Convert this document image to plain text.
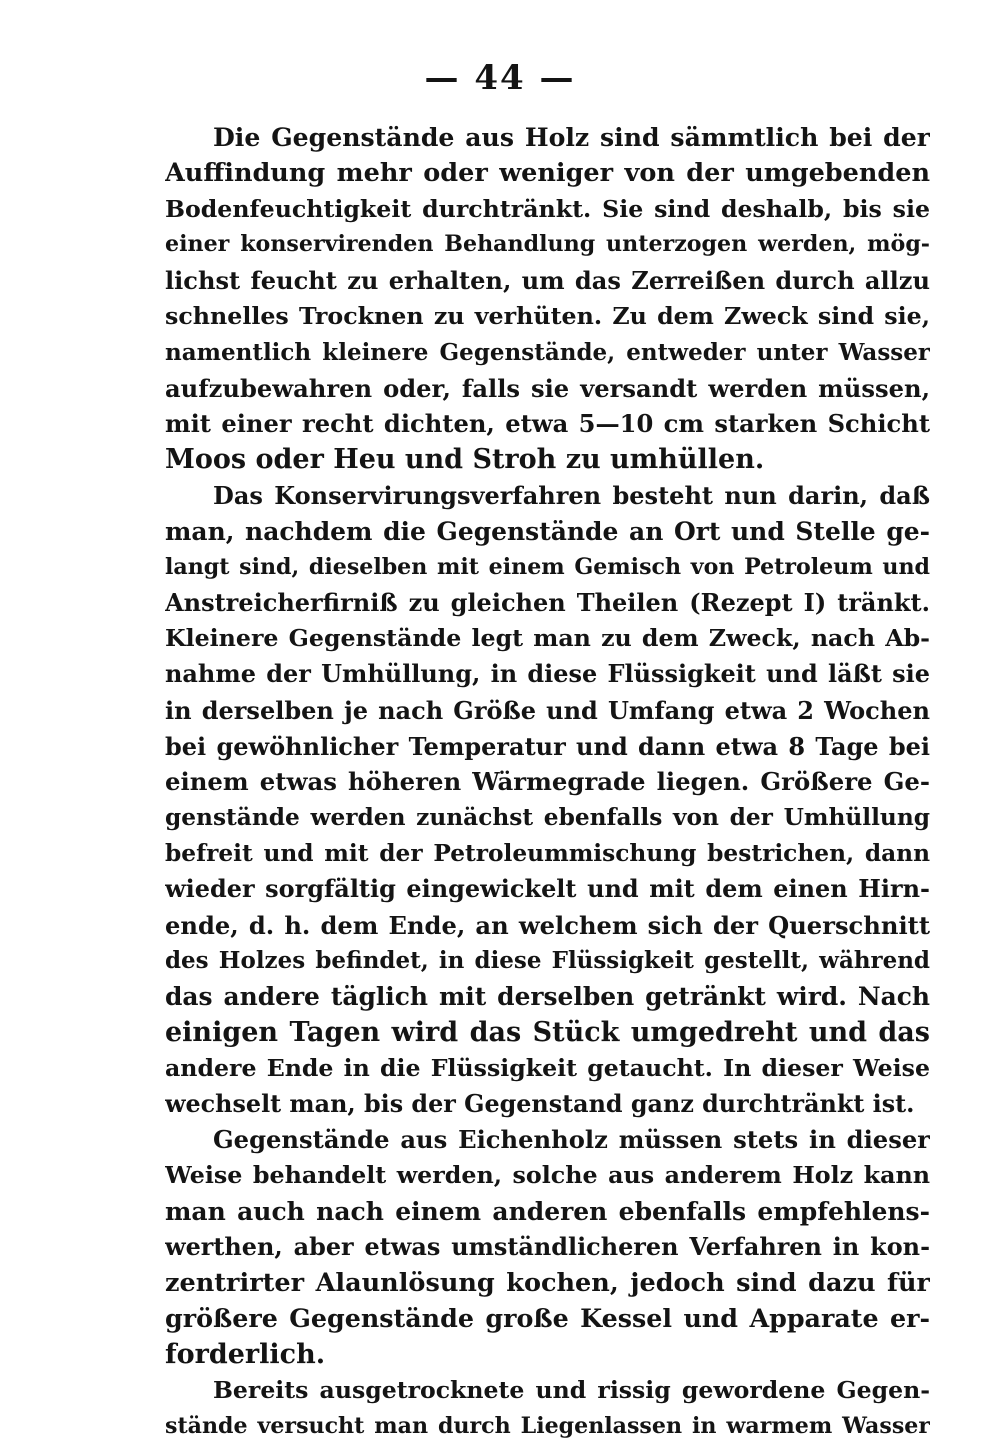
— 44 —
Die Gegenstände aus Holz sind sämmtlich bei der
Auffindung mehr oder weniger von der umgebenden
Bodenfeuchtigkeit durchtränkt. Sie sind deshalb, bis sie
einer konservirenden Behandlung unterzogen werden, mög-
lichst feucht zu erhalten, um das Zerreißen durch allzu
schnelles Trocknen zu verhüten. Zu dem Zweck sind sie,
namentlich kleinere Gegenstände, entweder unter Wasser
aufzubewahren oder, falls sie versandt werden müssen,
mit einer recht dichten, etwa 5—10 cm starken Schicht
Moos oder Heu und Stroh zu umhüllen.
Das Konservirungsverfahren besteht nun darin, daß
man, nachdem die Gegenstände an Ort und Stelle ge-
langt sind, dieselben mit einem Gemisch von Petroleum und
Anstreicherfirniß zu gleichen Theilen (Rezept I) tränkt.
Kleinere Gegenstände legt man zu dem Zweck, nach Ab-
nahme der Umhüllung, in diese Flüssigkeit und läßt sie
in derselben je nach Größe und Umfang etwa 2 Wochen
bei gewöhnlicher Temperatur und dann etwa 8 Tage bei
einem etwas höheren Wärmegrade liegen. Größere Ge-
genstände werden zunächst ebenfalls von der Umhüllung
befreit und mit der Petroleummischung bestrichen, dann
wieder sorgfältig eingewickelt und mit dem einen Hirn-
ende, d. h. dem Ende, an welchem sich der Querschnitt
des Holzes befindet, in diese Flüssigkeit gestellt, während
das andere täglich mit derselben getränkt wird. Nach
einigen Tagen wird das Stück umgedreht und das
andere Ende in die Flüssigkeit getaucht. In dieser Weise
wechselt man, bis der Gegenstand ganz durchtränkt ist.
Gegenstände aus Eichenholz müssen stets in dieser
Weise behandelt werden, solche aus anderem Holz kann
man auch nach einem anderen ebenfalls empfehlens-
werthen, aber etwas umständlicheren Verfahren in kon-
zentrirter Alaunlösung kochen, jedoch sind dazu für
größere Gegenstände große Kessel und Apparate er-
forderlich.
Bereits ausgetrocknete und rissig gewordene Gegen-
stände versucht man durch Liegenlassen in warmem Wasser
